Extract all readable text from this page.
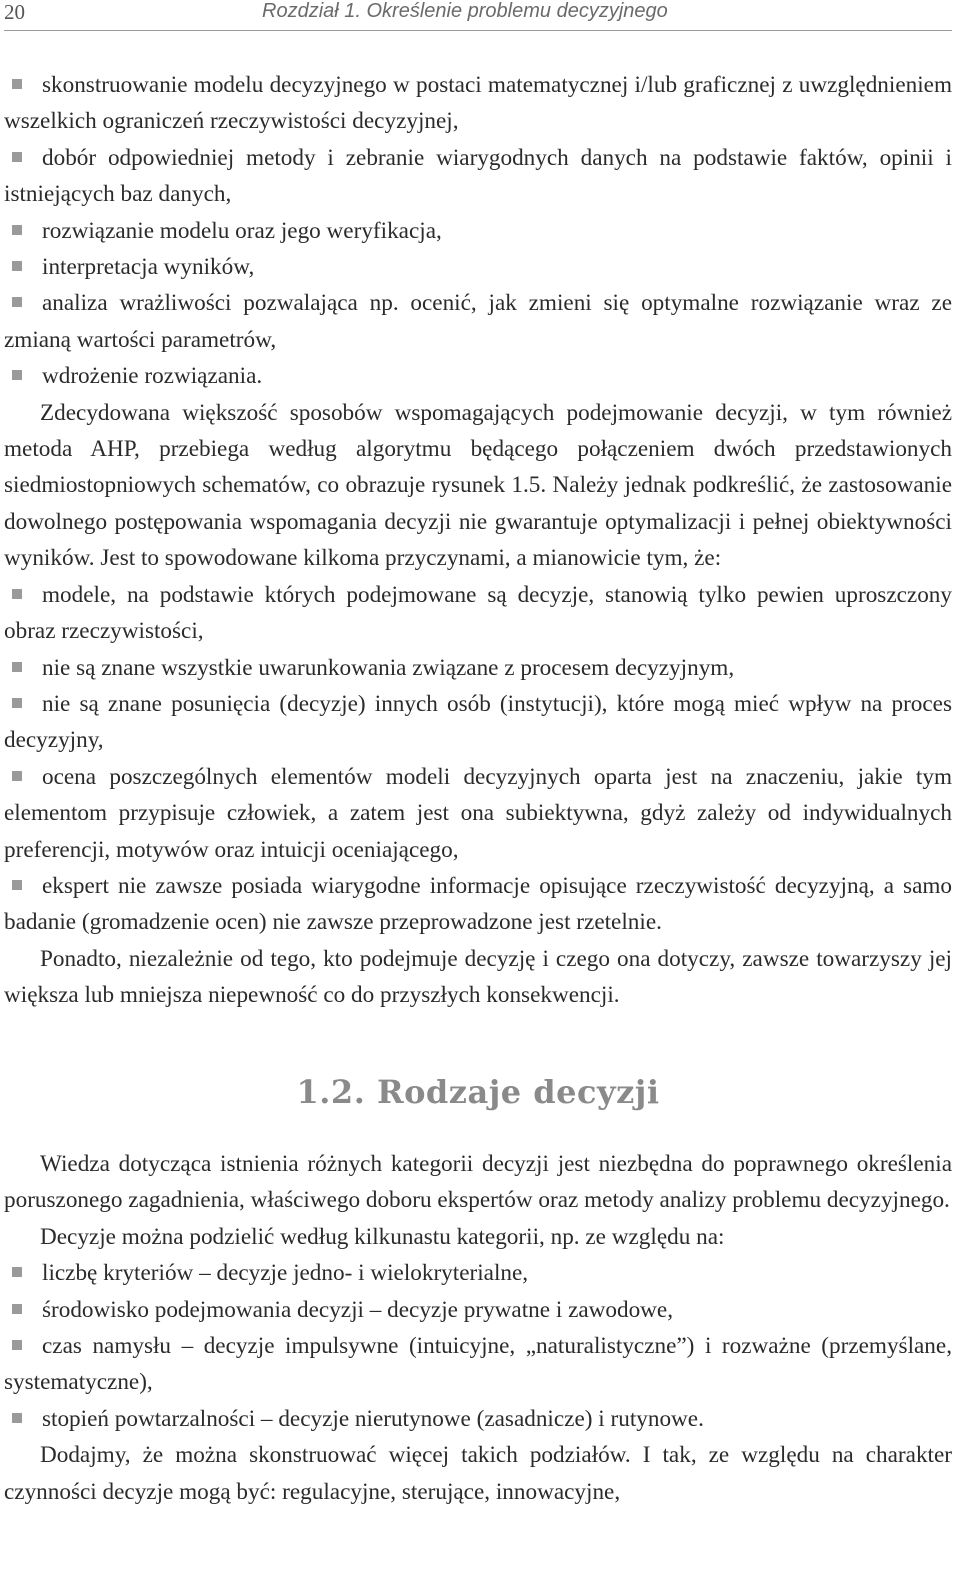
20	Rozdział 1. Określenie problemu decyzyjnego

skonstruowanie modelu decyzyjnego w postaci matematycznej i/lub graficznej z uwzględnieniem wszelkich ograniczeń rzeczywistości decyzyjnej,

dobór odpowiedniej metody i zebranie wiarygodnych danych na podstawie faktów, opinii i istniejących baz danych,

rozwiązanie modelu oraz jego weryfikacja,

interpretacja wyników,

analiza wrażliwości pozwalająca np. ocenić, jak zmieni się optymalne rozwiązanie wraz ze zmianą wartości parametrów,

wdrożenie rozwiązania.

Zdecydowana większość sposobów wspomagających podejmowanie decyzji, w tym również metoda AHP, przebiega według algorytmu będącego połączeniem dwóch przedstawionych siedmiostopniowych schematów, co obrazuje rysunek 1.5. Należy jednak podkreślić, że zastosowanie dowolnego postępowania wspomagania decyzji nie gwarantuje optymalizacji i pełnej obiektywności wyników. Jest to spowodowane kilkoma przyczynami, a mianowicie tym, że:

modele, na podstawie których podejmowane są decyzje, stanowią tylko pewien uproszczony obraz rzeczywistości,

nie są znane wszystkie uwarunkowania związane z procesem decyzyjnym,

nie są znane posunięcia (decyzje) innych osób (instytucji), które mogą mieć wpływ na proces decyzyjny,

ocena poszczególnych elementów modeli decyzyjnych oparta jest na znaczeniu, jakie tym elementom przypisuje człowiek, a zatem jest ona subiektywna, gdyż zależy od indywidualnych preferencji, motywów oraz intuicji oceniającego,

ekspert nie zawsze posiada wiarygodne informacje opisujące rzeczywistość decyzyjną, a samo badanie (gromadzenie ocen) nie zawsze przeprowadzone jest rzetelnie.

Ponadto, niezależnie od tego, kto podejmuje decyzję i czego ona dotyczy, zawsze towarzyszy jej większa lub mniejsza niepewność co do przyszłych konsekwencji.

1.2. Rodzaje decyzji

Wiedza dotycząca istnienia różnych kategorii decyzji jest niezbędna do poprawnego określenia poruszonego zagadnienia, właściwego doboru ekspertów oraz metody analizy problemu decyzyjnego.

Decyzje można podzielić według kilkunastu kategorii, np. ze względu na:

liczbę kryteriów – decyzje jedno- i wielokryterialne,

środowisko podejmowania decyzji – decyzje prywatne i zawodowe,

czas namysłu – decyzje impulsywne (intuicyjne, „naturalistyczne”) i rozważne (przemyślane, systematyczne),

stopień powtarzalności – decyzje nierutynowe (zasadnicze) i rutynowe.

Dodajmy, że można skonstruować więcej takich podziałów. I tak, ze względu na charakter czynności decyzje mogą być: regulacyjne, sterujące, innowacyjne,
